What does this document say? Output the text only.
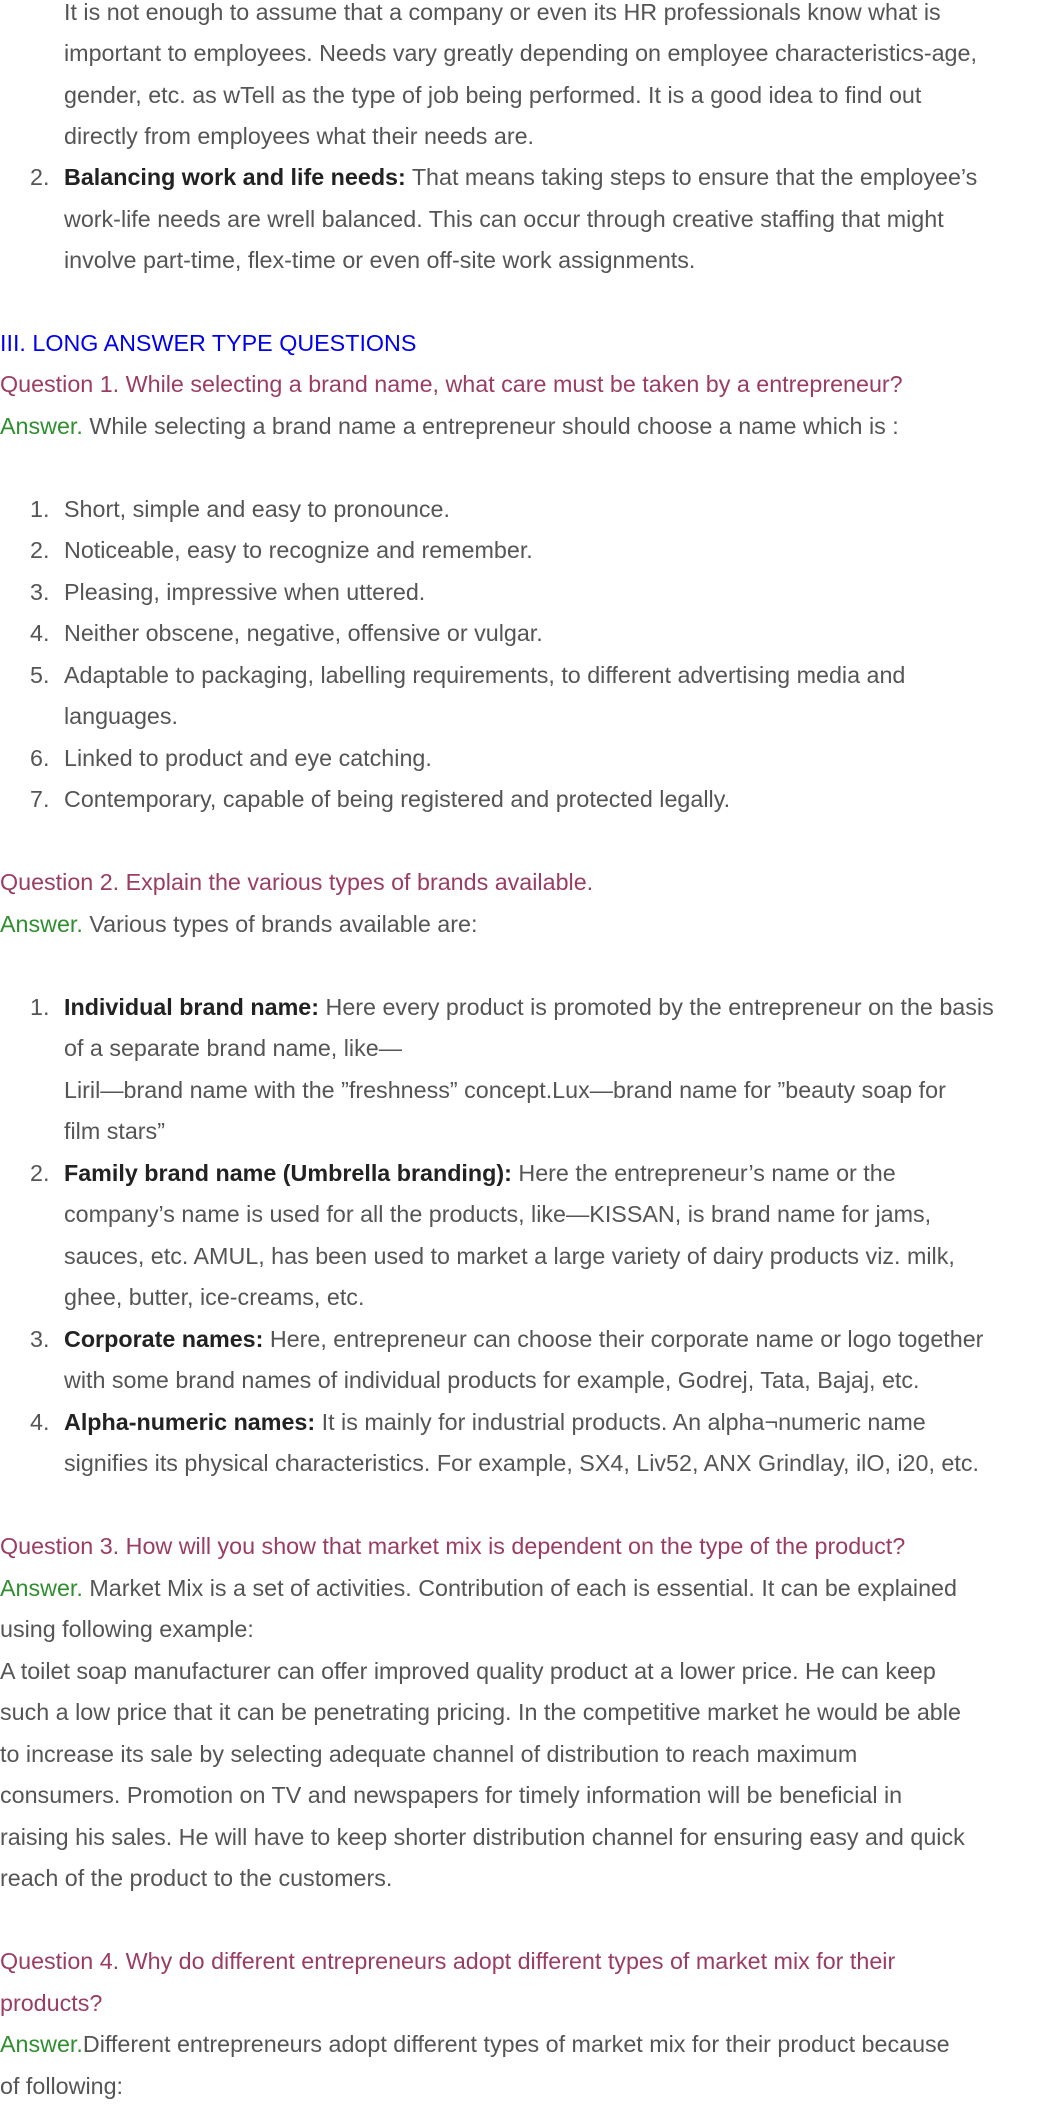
It is not enough to assume that a company or even its HR professionals know what is
important to employees. Needs vary greatly depending on employee characteristics-age,
gender, etc. as wTell as the type of job being performed. It is a good idea to find out
directly from employees what their needs are.
2. Balancing work and life needs: That means taking steps to ensure that the employee’s
work-life needs are wrell balanced. This can occur through creative staffing that might
involve part-time, flex-time or even off-site work assignments.
III. LONG ANSWER TYPE QUESTIONS
Question 1. While selecting a brand name, what care must be taken by a entrepreneur?
Answer. While selecting a brand name a entrepreneur should choose a name which is :
1. Short, simple and easy to pronounce.
2. Noticeable, easy to recognize and remember.
3. Pleasing, impressive when uttered.
4. Neither obscene, negative, offensive or vulgar.
5. Adaptable to packaging, labelling requirements, to different advertising media and
languages.
6. Linked to product and eye catching.
7. Contemporary, capable of being registered and protected legally.
Question 2. Explain the various types of brands available.
Answer. Various types of brands available are:
1. Individual brand name: Here every product is promoted by the entrepreneur on the basis
of a separate brand name, like—
Liril—brand name with the ”freshness” concept.Lux—brand name for ”beauty soap for
film stars”
2. Family brand name (Umbrella branding): Here the entrepreneur’s name or the
company’s name is used for all the products, like—KISSAN, is brand name for jams,
sauces, etc. AMUL, has been used to market a large variety of dairy products viz. milk,
ghee, butter, ice-creams, etc.
3. Corporate names: Here, entrepreneur can choose their corporate name or logo together
with some brand names of individual products for example, Godrej, Tata, Bajaj, etc.
4. Alpha-numeric names: It is mainly for industrial products. An alpha¬numeric name
signifies its physical characteristics. For example, SX4, Liv52, ANX Grindlay, ilO, i20, etc.
Question 3. How will you show that market mix is dependent on the type of the product?
Answer. Market Mix is a set of activities. Contribution of each is essential. It can be explained
using following example:
A toilet soap manufacturer can offer improved quality product at a lower price. He can keep
such a low price that it can be penetrating pricing. In the competitive market he would be able
to increase its sale by selecting adequate channel of distribution to reach maximum
consumers. Promotion on TV and newspapers for timely information will be beneficial in
raising his sales. He will have to keep shorter distribution channel for ensuring easy and quick
reach of the product to the customers.
Question 4. Why do different entrepreneurs adopt different types of market mix for their
products?
Answer.Different entrepreneurs adopt different types of market mix for their product because
of following:
